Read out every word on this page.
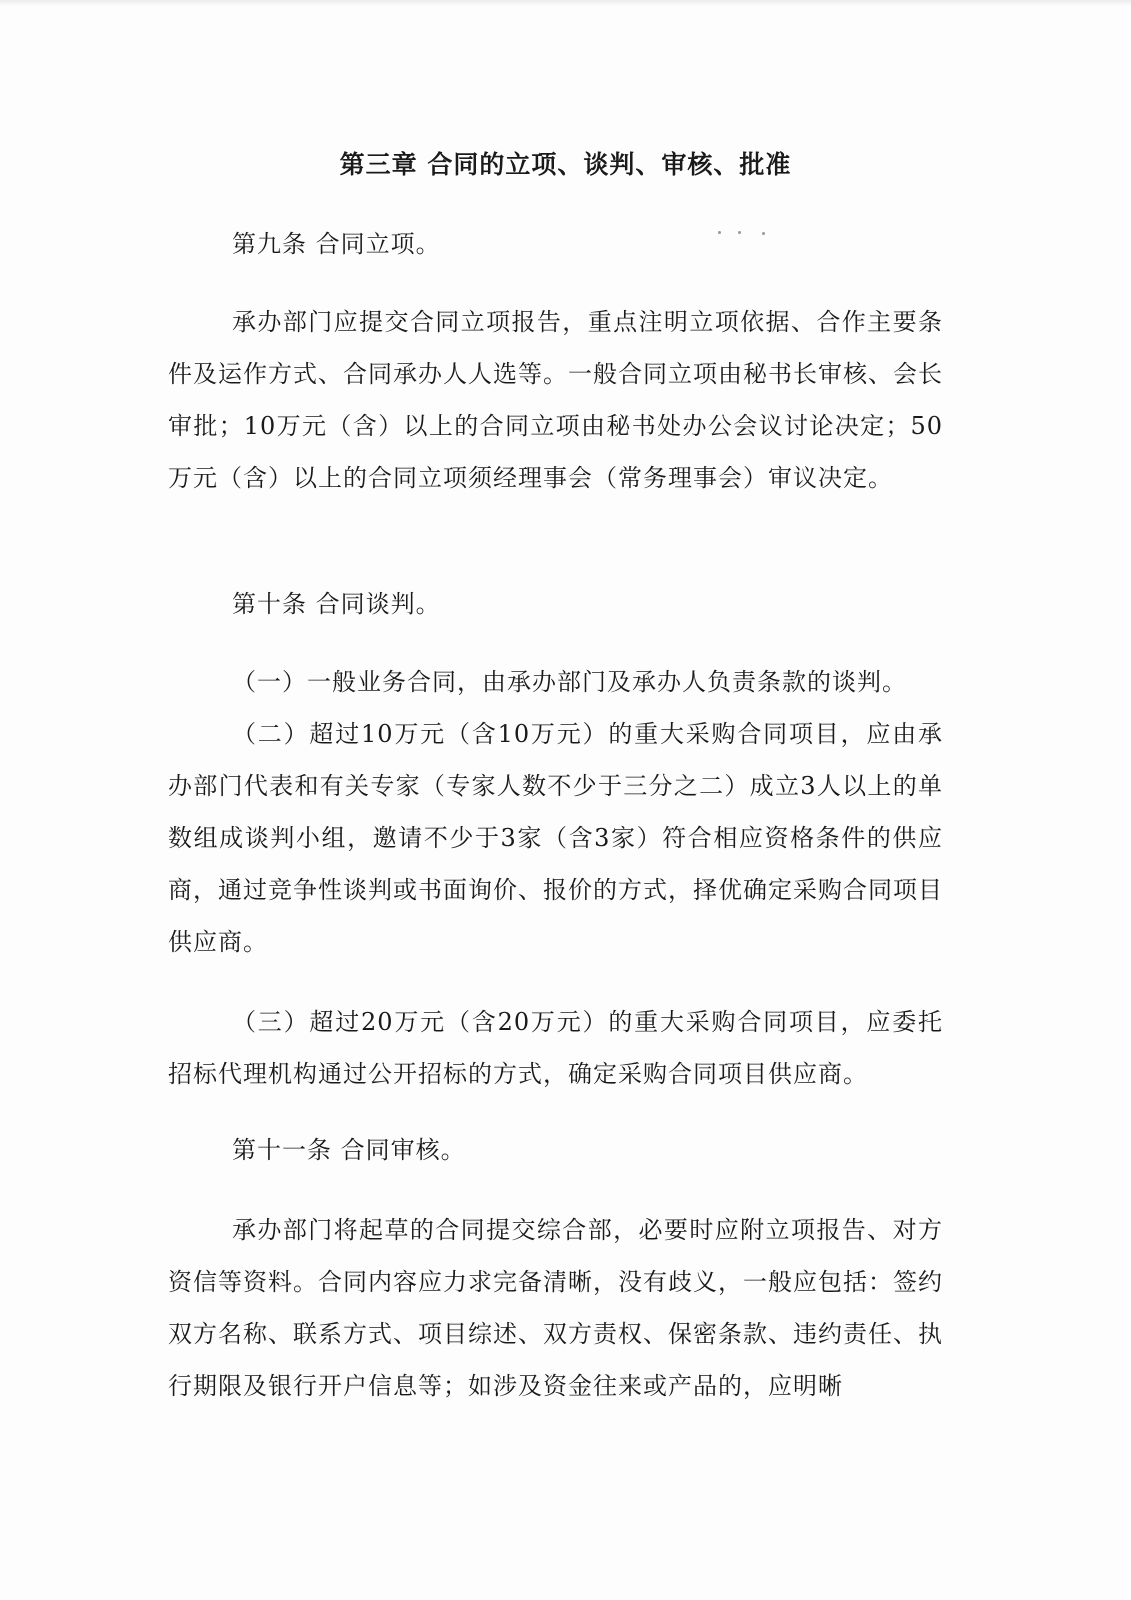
第三章 合同的立项、谈判、审核、批准

第九条 合同立项。

承办部门应提交合同立项报告，重点注明立项依据、合作主要条件及运作方式、合同承办人人选等。一般合同立项由秘书长审核、会长审批；10万元（含）以上的合同立项由秘书处办公会议讨论决定；50万元（含）以上的合同立项须经理事会（常务理事会）审议决定。

第十条 合同谈判。

（一）一般业务合同，由承办部门及承办人负责条款的谈判。

（二）超过10万元（含10万元）的重大采购合同项目，应由承办部门代表和有关专家（专家人数不少于三分之二）成立3人以上的单数组成谈判小组，邀请不少于3家（含3家）符合相应资格条件的供应商，通过竞争性谈判或书面询价、报价的方式，择优确定采购合同项目供应商。

（三）超过20万元（含20万元）的重大采购合同项目，应委托招标代理机构通过公开招标的方式，确定采购合同项目供应商。

第十一条 合同审核。

承办部门将起草的合同提交综合部，必要时应附立项报告、对方资信等资料。合同内容应力求完备清晰，没有歧义，一般应包括：签约双方名称、联系方式、项目综述、双方责权、保密条款、违约责任、执行期限及银行开户信息等；如涉及资金往来或产品的，应明晰
